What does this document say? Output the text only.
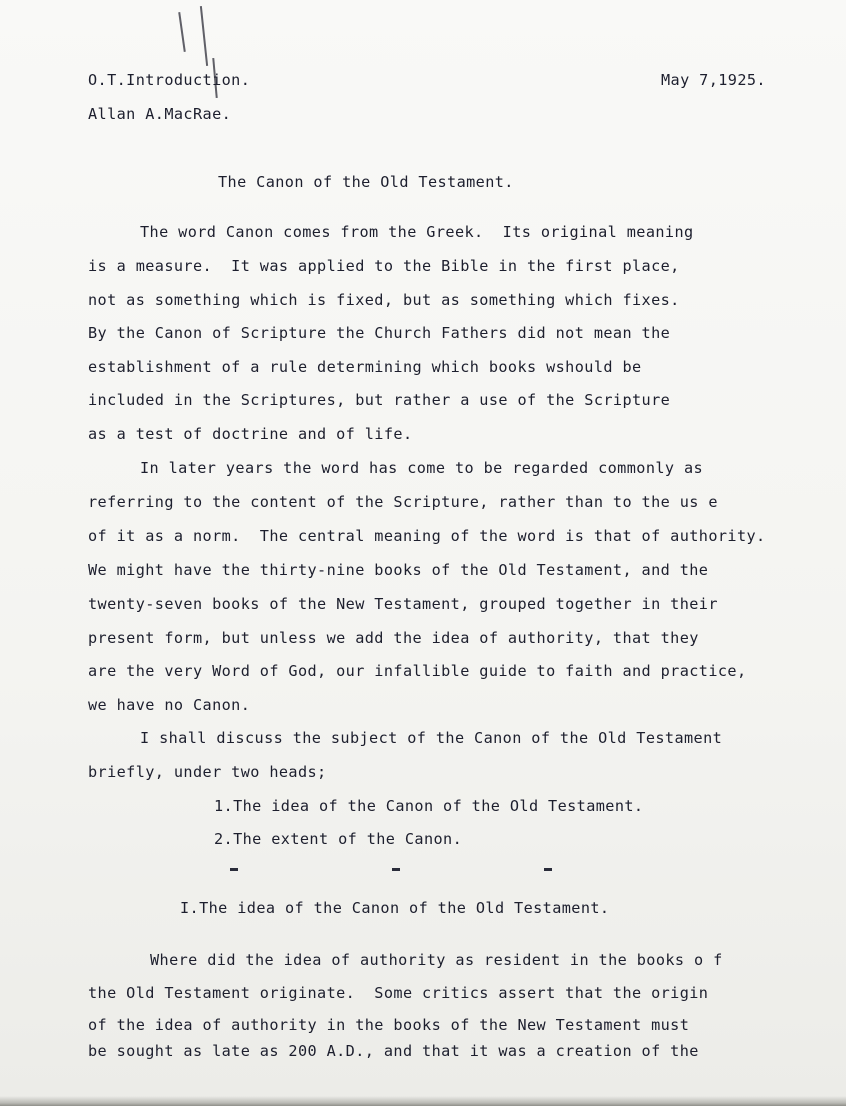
O.T.Introduction.	May 7,1925.
Allan A.MacRae.
The Canon of the Old Testament.
The word Canon comes from the Greek.  Its original meaning
is a measure.  It was applied to the Bible in the first place,
not as something which is fixed, but as something which fixes.
By the Canon of Scripture the Church Fathers did not mean the
establishment of a rule determining which books wshould be
included in the Scriptures, but rather a use of the Scripture
as a test of doctrine and of life.
In later years the word has come to be regarded commonly as
referring to the content of the Scripture, rather than to the us e
of it as a norm.  The central meaning of the word is that of authority.
We might have the thirty-nine books of the Old Testament, and the
twenty-seven books of the New Testament, grouped together in their
present form, but unless we add the idea of authority, that they
are the very Word of God, our infallible guide to faith and practice,
we have no Canon.
I shall discuss the subject of the Canon of the Old Testament
briefly, under two heads;
1.The idea of the Canon of the Old Testament.
2.The extent of the Canon.
I.The idea of the Canon of the Old Testament.
Where did the idea of authority as resident in the books o f
the Old Testament originate.  Some critics assert that the origin
of the idea of authority in the books of the New Testament must
be sought as late as 200 A.D., and that it was a creation of the
